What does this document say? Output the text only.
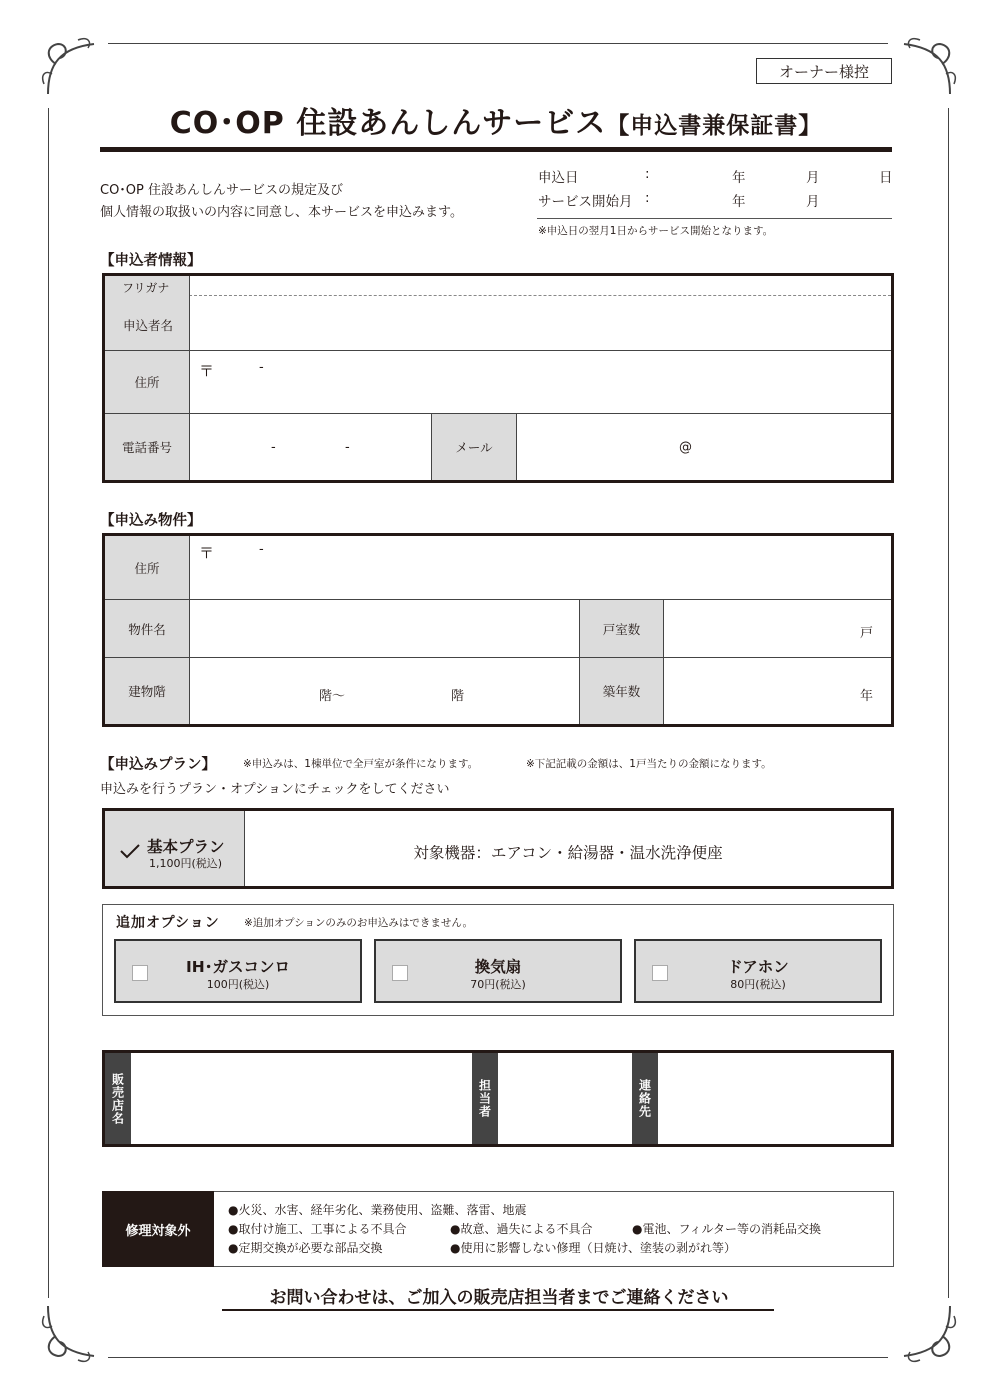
オーナー様控
CO･OP 住設あんしんサービス【申込書兼保証書】
CO･OP 住設あんしんサービスの規定及び
個人情報の取扱いの内容に同意し、本サービスを申込みます。
申込日	:	年	月	日
サービス開始月 :	年	月
※申込日の翌月1日からサービス開始となります。
【申込者情報】
フリガナ
申込者名
住所
〒	-
電話番号	-	-	メール	@
【申込み物件】
住所
〒	-
物件名	戸室数	戸
建物階	階～	階	築年数	年
【申込みプラン】	※申込みは、1棟単位で全戸室が条件になります。	※下記記載の金額は、1戸当たりの金額になります。
申込みを行うプラン・オプションにチェックをしてください
基本プラン
1,100円(税込)
対象機器：エアコン・給湯器・温水洗浄便座
追加オプション ※追加オプションのみのお申込みはできません。
IH･ガスコンロ
100円(税込)
換気扇
70円(税込)
ドアホン
80円(税込)
販売店名	担当者	連絡先
修理対象外
●火災、水害、経年劣化、業務使用、盗難、落雷、地震
●取付け施工、工事による不具合	●故意、過失による不具合	●電池、フィルター等の消耗品交換
●定期交換が必要な部品交換	●使用に影響しない修理（日焼け、塗装の剥がれ等）
お問い合わせは、ご加入の販売店担当者までご連絡ください
